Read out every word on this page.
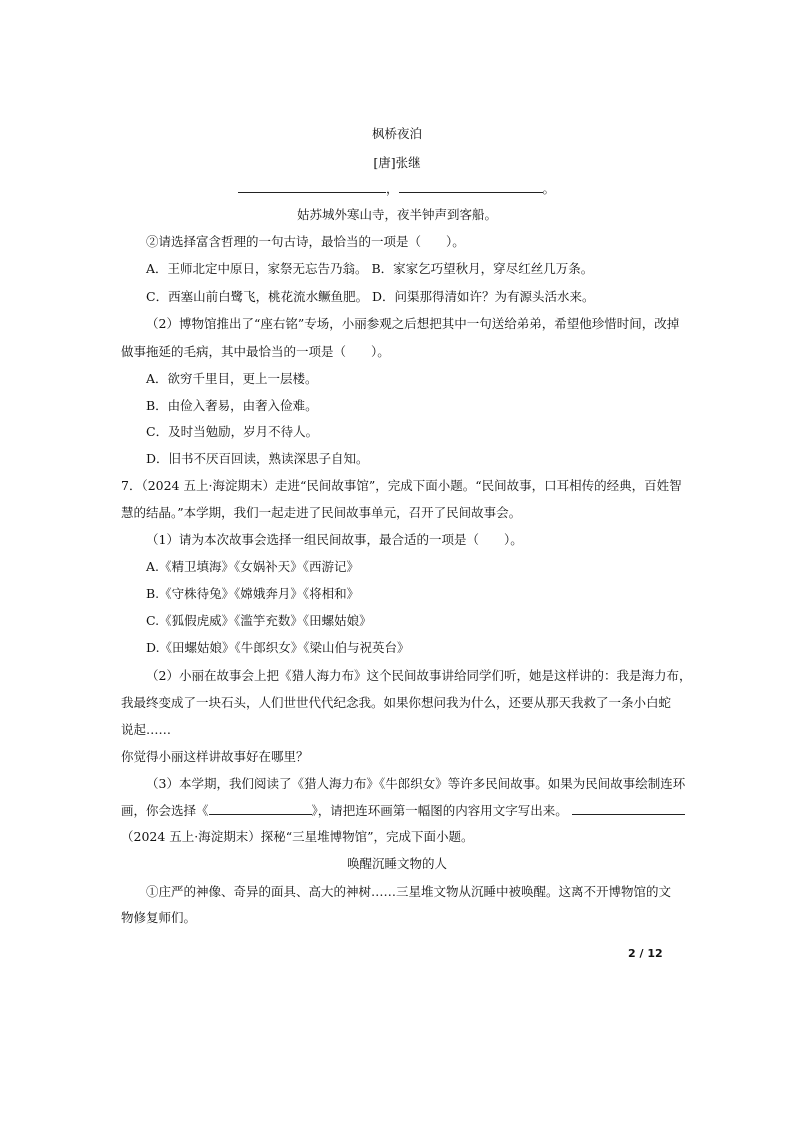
枫桥夜泊
[唐]张继
，	。
姑苏城外寒山寺，夜半钟声到客船。
②请选择富含哲理的一句古诗，最恰当的一项是（　　）。
A．王师北定中原日，家祭无忘告乃翁。 B．家家乞巧望秋月，穿尽红丝几万条。
C．西塞山前白鹭飞，桃花流水鳜鱼肥。 D．问渠那得清如许？为有源头活水来。
（2）博物馆推出了“座右铭”专场，小丽参观之后想把其中一句送给弟弟，希望他珍惜时间，改掉
做事拖延的毛病，其中最恰当的一项是（　　）。
A．欲穷千里目，更上一层楼。
B．由俭入奢易，由奢入俭难。
C．及时当勉励，岁月不待人。
D．旧书不厌百回读，熟读深思子自知。
7．（2024 五上·海淀期末）走进“民间故事馆”，完成下面小题。“民间故事，口耳相传的经典，百姓智
慧的结晶。”本学期，我们一起走进了民间故事单元，召开了民间故事会。
（1）请为本次故事会选择一组民间故事，最合适的一项是（　　）。
A.《精卫填海》《女娲补天》《西游记》
B.《守株待兔》《嫦娥奔月》《将相和》
C.《狐假虎威》《滥竽充数》《田螺姑娘》
D.《田螺姑娘》《牛郎织女》《梁山伯与祝英台》
（2）小丽在故事会上把《猎人海力布》这个民间故事讲给同学们听，她是这样讲的：我是海力布，
我最终变成了一块石头，人们世世代代纪念我。如果你想问我为什么，还要从那天我救了一条小白蛇
说起……
你觉得小丽这样讲故事好在哪里？
（3）本学期，我们阅读了《猎人海力布》《牛郎织女》等许多民间故事。如果为民间故事绘制连环
画，你会选择《	》，请把连环画第一幅图的内容用文字写出来。
（2024 五上·海淀期末）探秘“三星堆博物馆”，完成下面小题。
唤醒沉睡文物的人
①庄严的神像、奇异的面具、高大的神树……三星堆文物从沉睡中被唤醒。这离不开博物馆的文
物修复师们。
2 / 12
